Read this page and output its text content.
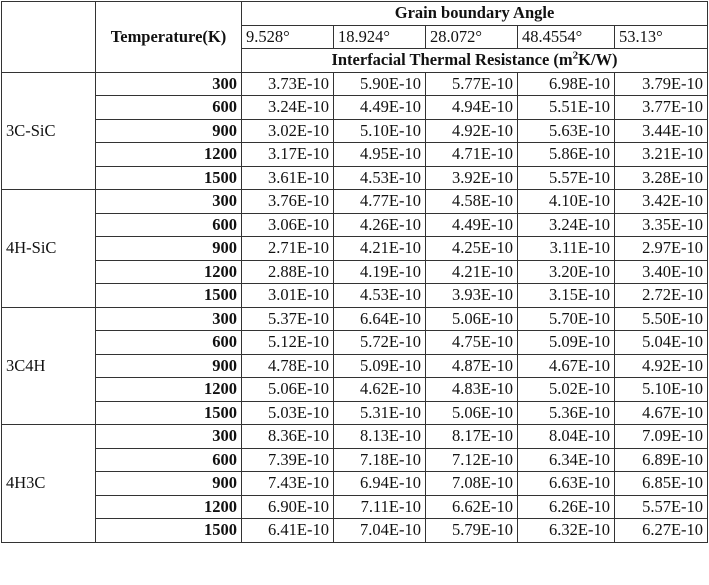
	Temperature(K)	Grain boundary Angle				
		9.528°	18.924°	28.072°	48.4554°	53.13°
		Interfacial Thermal Resistance $(m^2K/W)$				
3C-SiC	300	3.73E-10	5.90E-10	5.77E-10	6.98E-10	3.79E-10
	600	3.24E-10	4.49E-10	4.94E-10	5.51E-10	3.77E-10
	900	3.02E-10	5.10E-10	4.92E-10	5.63E-10	3.44E-10
	1200	3.17E-10	4.95E-10	4.71E-10	5.86E-10	3.21E-10
	1500	3.61E-10	4.53E-10	3.92E-10	5.57E-10	3.28E-10
4H-SiC	300	3.76E-10	4.77E-10	4.58E-10	4.10E-10	3.42E-10
	600	3.06E-10	4.26E-10	4.49E-10	3.24E-10	3.35E-10
	900	2.71E-10	4.21E-10	4.25E-10	3.11E-10	2.97E-10
	1200	2.88E-10	4.19E-10	4.21E-10	3.20E-10	3.40E-10
	1500	3.01E-10	4.53E-10	3.93E-10	3.15E-10	2.72E-10
3C4H	300	5.37E-10	6.64E-10	5.06E-10	5.70E-10	5.50E-10
	600	5.12E-10	5.72E-10	4.75E-10	5.09E-10	5.04E-10
	900	4.78E-10	5.09E-10	4.87E-10	4.67E-10	4.92E-10
	1200	5.06E-10	4.62E-10	4.83E-10	5.02E-10	5.10E-10
	1500	5.03E-10	5.31E-10	5.06E-10	5.36E-10	4.67E-10
4H3C	300	8.36E-10	8.13E-10	8.17E-10	8.04E-10	7.09E-10
	600	7.39E-10	7.18E-10	7.12E-10	6.34E-10	6.89E-10
	900	7.43E-10	6.94E-10	7.08E-10	6.63E-10	6.85E-10
	1200	6.90E-10	7.11E-10	6.62E-10	6.26E-10	5.57E-10
	1500	6.41E-10	7.04E-10	5.79E-10	6.32E-10	6.27E-10
